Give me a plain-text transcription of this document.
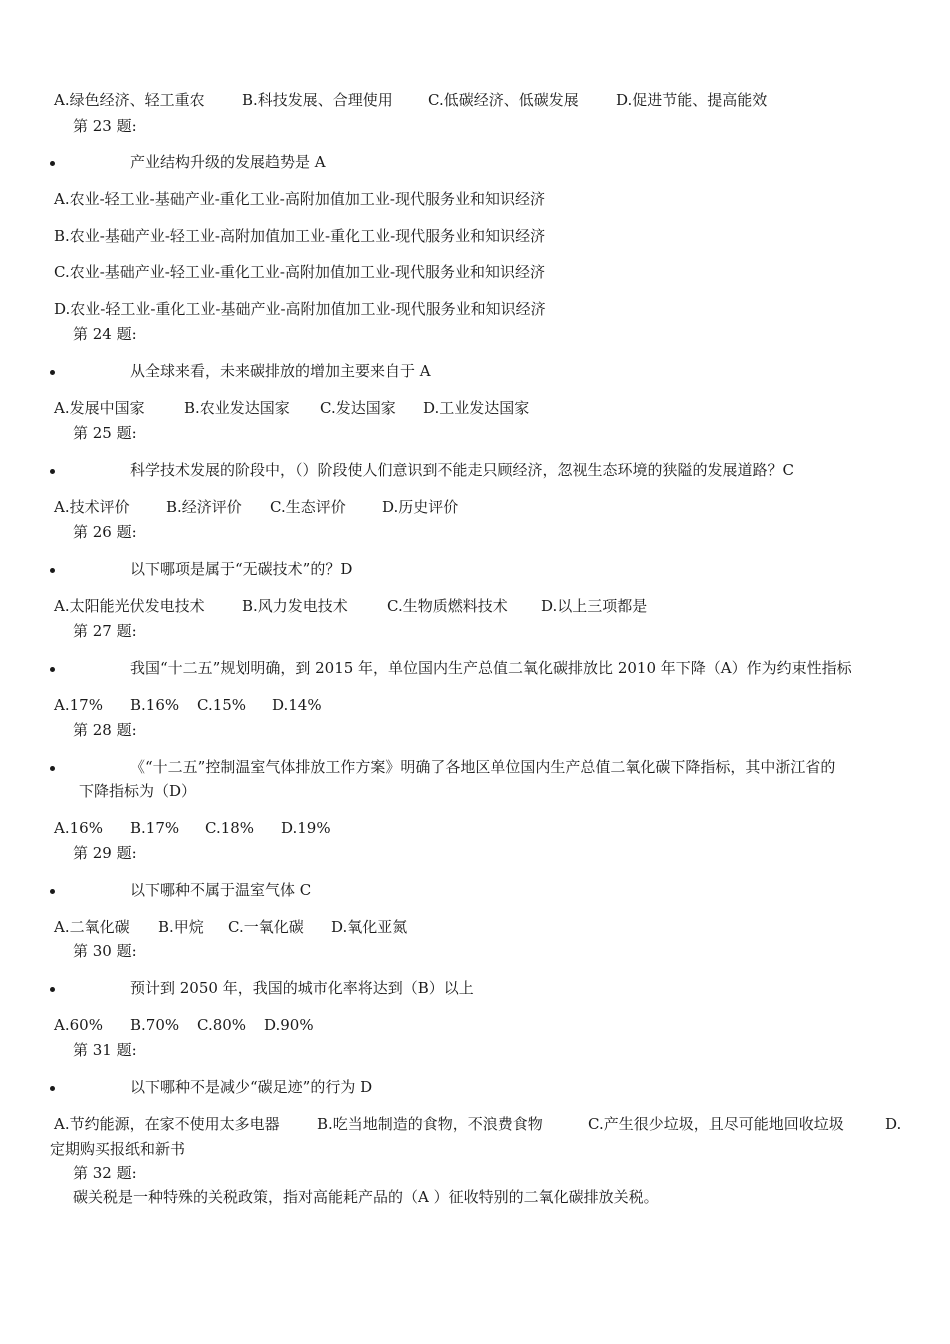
A.绿色经济、轻工重农 B.科技发展、合理使用 C.低碳经济、低碳发展 D.促进节能、提高能效
第 23 题:
产业结构升级的发展趋势是 A
A.农业-轻工业-基础产业-重化工业-高附加值加工业-现代服务业和知识经济
B.农业-基础产业-轻工业-高附加值加工业-重化工业-现代服务业和知识经济
C.农业-基础产业-轻工业-重化工业-高附加值加工业-现代服务业和知识经济
D.农业-轻工业-重化工业-基础产业-高附加值加工业-现代服务业和知识经济
第 24 题:
从全球来看，未来碳排放的增加主要来自于 A
A.发展中国家	B.农业发达国家 C.发达国家 D.工业发达国家
第 25 题:
科学技术发展的阶段中，（）阶段使人们意识到不能走只顾经济，忽视生态环境的狭隘的发展道路？C
A.技术评价 B.经济评价 C.生态评价 D.历史评价
第 26 题:
以下哪项是属于“无碳技术”的？D
A.太阳能光伏发电技术 B.风力发电技术	C.生物质燃料技术 D.以上三项都是
第 27 题:
我国“十二五”规划明确，到 2015 年，单位国内生产总值二氧化碳排放比 2010 年下降（A）作为约束性指标
A.17% B.16% C.15% D.14%
第 28 题:
《“十二五”控制温室气体排放工作方案》明确了各地区单位国内生产总值二氧化碳下降指标，其中浙江省的
下降指标为（D）
A.16% B.17% C.18% D.19%
第 29 题:
以下哪种不属于温室气体 C
A.二氧化碳 B.甲烷 C.一氧化碳 D.氧化亚氮
第 30 题:
预计到 2050 年，我国的城市化率将达到（B）以上
A.60% B.70% C.80% D.90%
第 31 题:
以下哪种不是减少“碳足迹”的行为 D
A.节约能源，在家不使用太多电器 B.吃当地制造的食物，不浪费食物	C.产生很少垃圾，且尽可能地回收垃圾	D.
定期购买报纸和新书
第 32 题:
碳关税是一种特殊的关税政策，指对高能耗产品的（A ）征收特别的二氧化碳排放关税。
